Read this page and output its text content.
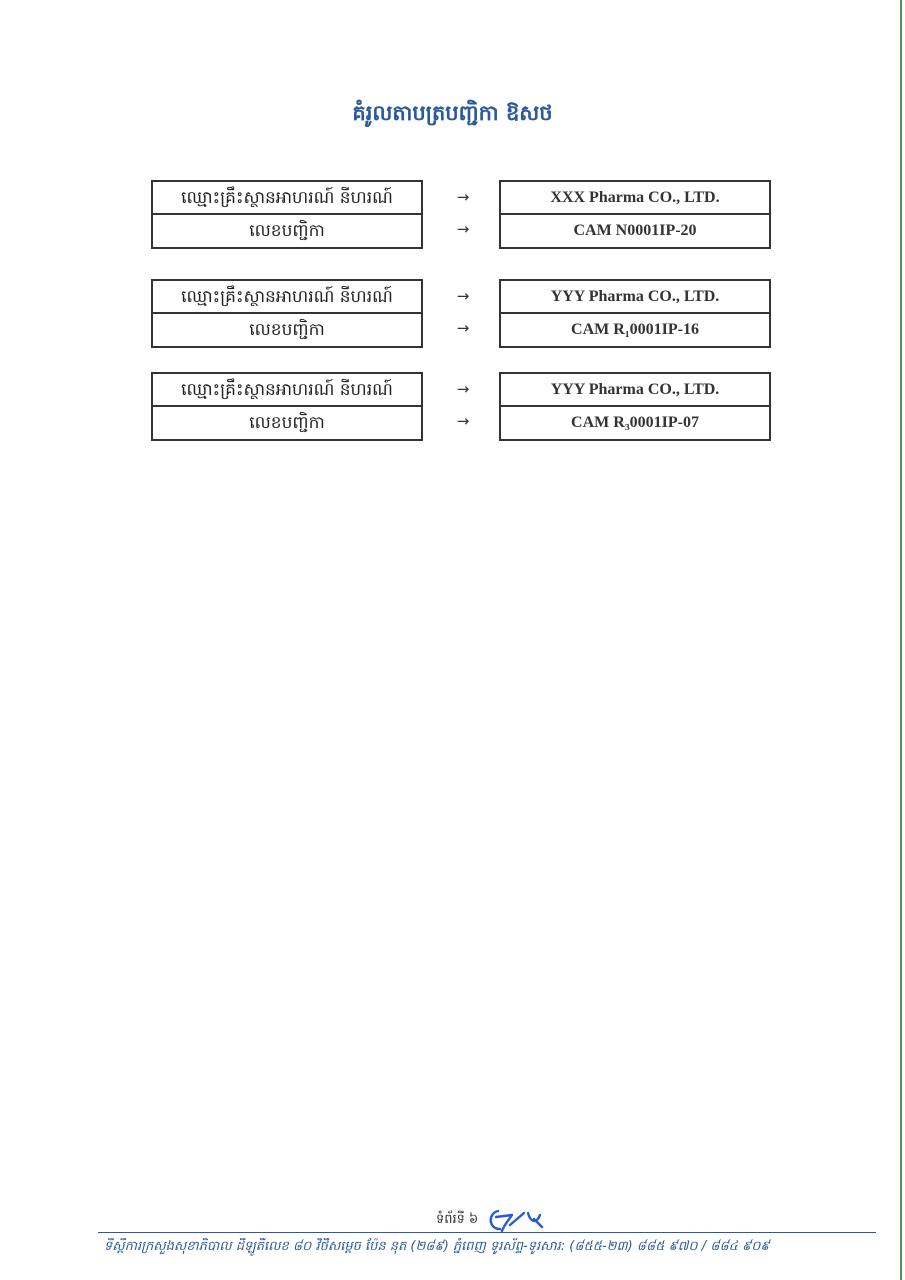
គំរូលតាបត្របញ្ជិកា ឱសថ
ឈ្មោះគ្រឹះស្ថានអាហរណ៍ នីហរណ៍
លេខបញ្ជិកា
→
→
XXX Pharma CO., LTD.
CAM N0001IP-20
ឈ្មោះគ្រឹះស្ថានអាហរណ៍ នីហរណ៍
លេខបញ្ជិកា
→
→
YYY Pharma CO., LTD.
CAM R₁0001IP-16
ឈ្មោះគ្រឹះស្ថានអាហរណ៍ នីហរណ៍
លេខបញ្ជិកា
→
→
YYY Pharma CO., LTD.
CAM R₃0001IP-07
ទំព័រទី ៦
ទីស្តីការក្រសួងសុខាភិបាល ដីឡូតិ៍លេខ ៨០ វិថីសម្តេច ប៉ែន នុត (២៨៩) ភ្នំពេញ ទូរស័ព្ទ-ទូរសារ: (៨៥៥-២៣) ៨៨៥ ៩៧០ / ៨៨៤ ៩០៩
